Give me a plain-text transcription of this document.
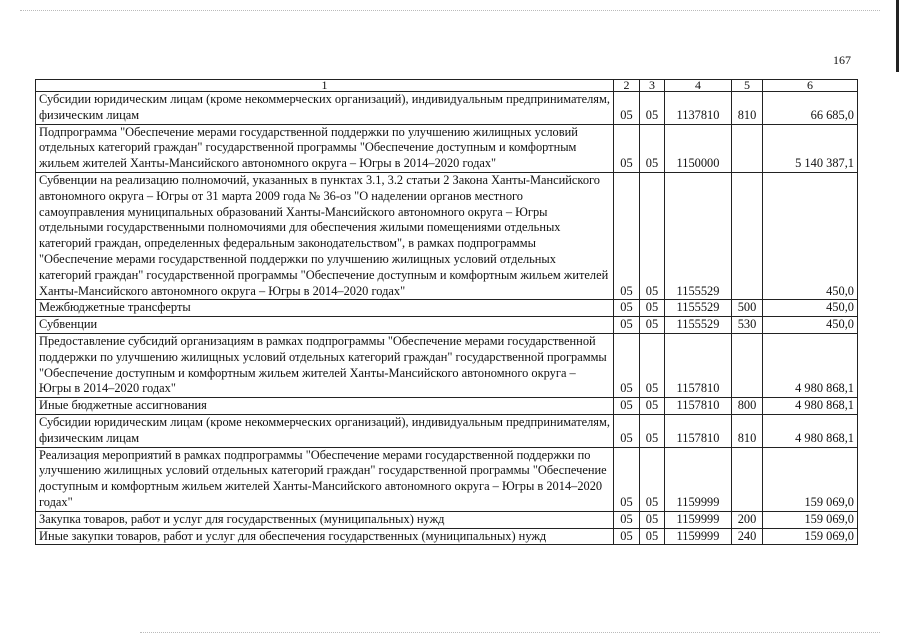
167
1	2	3	4	5	6
Субсидии юридическим лицам (кроме некоммерческих организаций), индивидуальным предпринимателям, физическим лицам	05	05	1137810	810	66 685,0
Подпрограмма "Обеспечение мерами государственной поддержки по улучшению жилищных условий отдельных категорий граждан" государственной программы "Обеспечение доступным и комфортным жильем жителей Ханты-Мансийского автономного округа – Югры в 2014–2020 годах"	05	05	1150000		5 140 387,1
Субвенции на реализацию полномочий, указанных в пунктах 3.1, 3.2 статьи 2 Закона Ханты-Мансийского автономного округа – Югры от 31 марта 2009 года № 36-оз "О наделении органов местного самоуправления муниципальных образований Ханты-Мансийского автономного округа – Югры отдельными государственными полномочиями для обеспечения жилыми помещениями отдельных категорий граждан, определенных федеральным законодательством", в рамках подпрограммы "Обеспечение мерами государственной поддержки по улучшению жилищных условий отдельных категорий граждан" государственной программы "Обеспечение доступным и комфортным жильем жителей Ханты-Мансийского автономного округа – Югры в 2014–2020 годах"	05	05	1155529		450,0
Межбюджетные трансферты	05	05	1155529	500	450,0
Субвенции	05	05	1155529	530	450,0
Предоставление субсидий организациям в рамках подпрограммы "Обеспечение мерами государственной поддержки по улучшению жилищных условий отдельных категорий граждан" государственной программы "Обеспечение доступным и комфортным жильем жителей Ханты-Мансийского автономного округа – Югры в 2014–2020 годах"	05	05	1157810		4 980 868,1
Иные бюджетные ассигнования	05	05	1157810	800	4 980 868,1
Субсидии юридическим лицам (кроме некоммерческих организаций), индивидуальным предпринимателям, физическим лицам	05	05	1157810	810	4 980 868,1
Реализация мероприятий в рамках подпрограммы "Обеспечение мерами государственной поддержки по улучшению жилищных условий отдельных категорий граждан" государственной программы "Обеспечение доступным и комфортным жильем жителей Ханты-Мансийского автономного округа – Югры в 2014–2020 годах"	05	05	1159999		159 069,0
Закупка товаров, работ и услуг для государственных (муниципальных) нужд	05	05	1159999	200	159 069,0
Иные закупки товаров, работ и услуг для обеспечения государственных (муниципальных) нужд	05	05	1159999	240	159 069,0
